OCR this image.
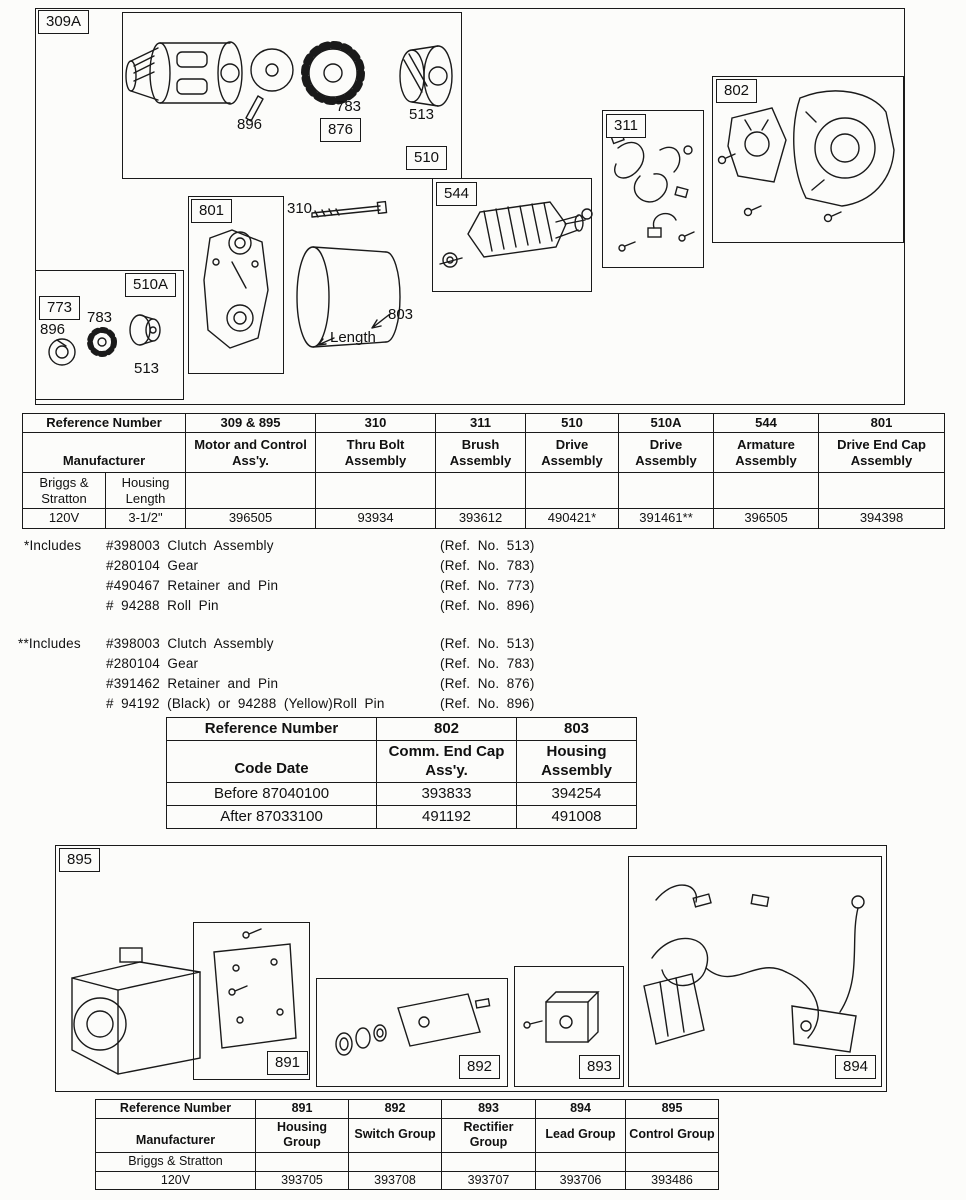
309A
896	876
783	513
510
801	310
544
311
802
803
Length
510A
773
896
783
513
895
891	892	893	894
Reference Number		309 & 895	310	311	510	510A	544	801
Manufacturer		Motor and Control Ass'y.	Thru Bolt Assembly	Brush Assembly	Drive Assembly	Drive Assembly	Armature Assembly	Drive End Cap Assembly
Briggs & Stratton	Housing Length							
120V	3-1/2"	396505	93934	393612	490421*	391461**	396505	394398
*Includes #398003 Clutch Assembly	(Ref. No. 513)
#280104 Gear	(Ref. No. 783)
#490467 Retainer and Pin	(Ref. No. 773)
# 94288 Roll Pin	(Ref. No. 896)
**Includes #398003 Clutch Assembly	(Ref. No. 513)
#280104 Gear	(Ref. No. 783)
#391462 Retainer and Pin	(Ref. No. 876)
# 94192 (Black) or 94288 (Yellow)Roll Pin	(Ref. No. 896)
Reference Number	802	803
Code Date	Comm. End Cap Ass'y.	Housing Assembly
Before 87040100	393833	394254
After 87033100	491192	491008
Reference Number	891	892	893	894	895
Manufacturer	Housing Group	Switch Group	Rectifier Group	Lead Group	Control Group
Briggs & Stratton					
120V	393705	393708	393707	393706	393486
